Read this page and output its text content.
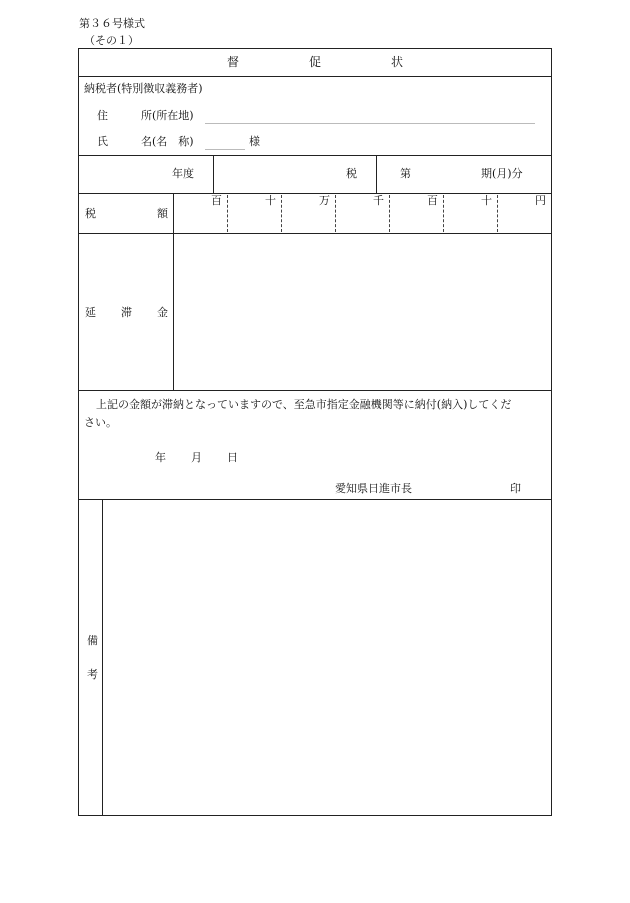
第３６号様式
（その１）
督	促	状
納税者(特別徴収義務者)
住	所(所在地)
氏	名(名　称)	様
年度	税	第	期(月)分
税	額
百	十	万	千	百	十	円
延 滞 金
上記の金額が滞納となっていますので、至急市指定金融機関等に納付(納入)してくだ
さい。
年 月 日
愛知県日進市長	印
備
考
